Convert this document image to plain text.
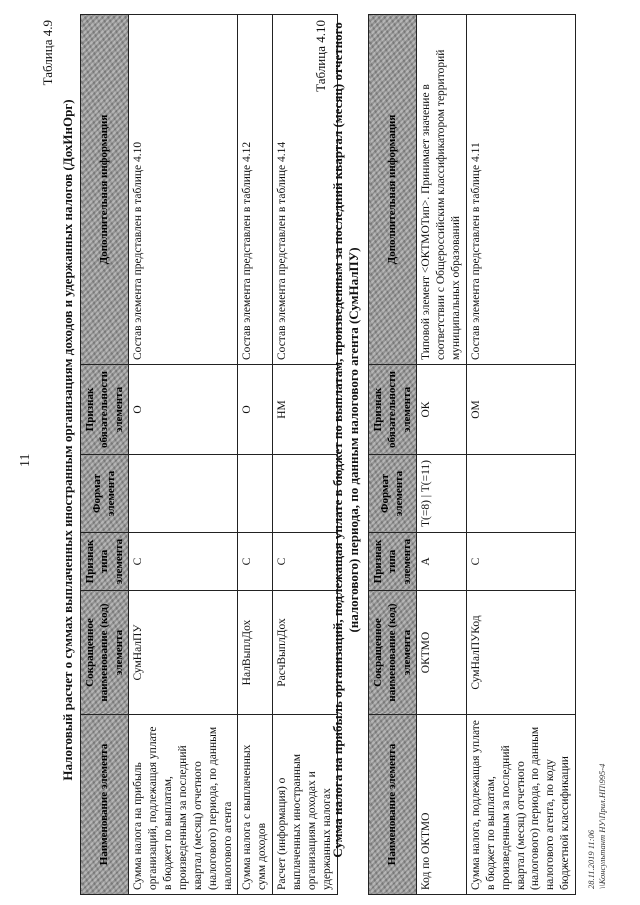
11
Таблица 4.9
Налоговый расчет о суммах выплаченных иностранным организациям доходов и удержанных налогов (ДохИнОрг)
Наименование элемента	Сокращенное наименование (код) элемента	Признак типа элемента	Формат элемента	Признак обязательности элемента	Дополнительная информация
Сумма налога на прибыль организаций, подлежащая уплате в бюджет по выплатам, произведенным за последний квартал (месяц) отчетного (налогового) периода, по данным налогового агента	СумНалПУ	С		О	Состав элемента представлен в таблице 4.10
Сумма налога с выплаченных сумм доходов	НалВыплДох	С		О	Состав элемента представлен в таблице 4.12
Расчет (информация) о выплаченных иностранным организациям доходах и удержанных налогах	РасчВыплДох	С		НМ	Состав элемента представлен в таблице 4.14
Таблица 4.10 Сумма налога на прибыль организаций, подлежащая уплате в бюджет по выплатам, произведенным за последний квартал (месяц) отчетного (налогового) периода, по данным налогового агента (СумНалПУ)
Наименование элемента	Сокращенное наименование (код) элемента	Признак типа элемента	Формат элемента	Признак обязательности элемента	Дополнительная информация
Код по ОКТМО	ОКТМО	А	T(=8) | T(=11)	ОК	Типовой элемент <ОКТМОТип>. Принимает значение в соответствии с Общероссийским классификатором территорий муниципальных образований
Сумма налога, подлежащая уплате в бюджет по выплатам, произведенным за последний квартал (месяц) отчетного (налогового) периода, по данным налогового агента, по коду бюджетной классификации	СумНалПУКод	С		ОМ	Состав элемента представлен в таблице 4.11
28.11.2019 11:06 \\Консультант НУ\Прил.НП\995-4
